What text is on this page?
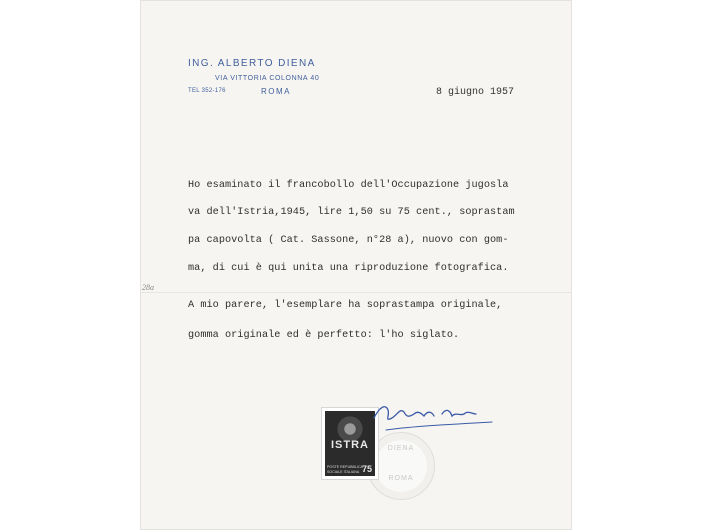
ING. ALBERTO DIENA
VIA VITTORIA COLONNA 40
TEL 352-176	ROMA	8 giugno 1957
Ho esaminato il francobollo dell'Occupazione jugosla
va dell'Istria,1945, lire 1,50 su 75 cent., soprastam
pa capovolta ( Cat. Sassone, n°28 a), nuovo con gom-
ma, di cui è qui unita una riproduzione fotografica.
A mio parere, l'esemplare ha soprastampa originale,
gomma originale ed è perfetto: l'ho siglato.
28a
DIENA
ROMA
ISTRA
POSTE REPUBBLICA
SOCIALE ITALIANA 75
